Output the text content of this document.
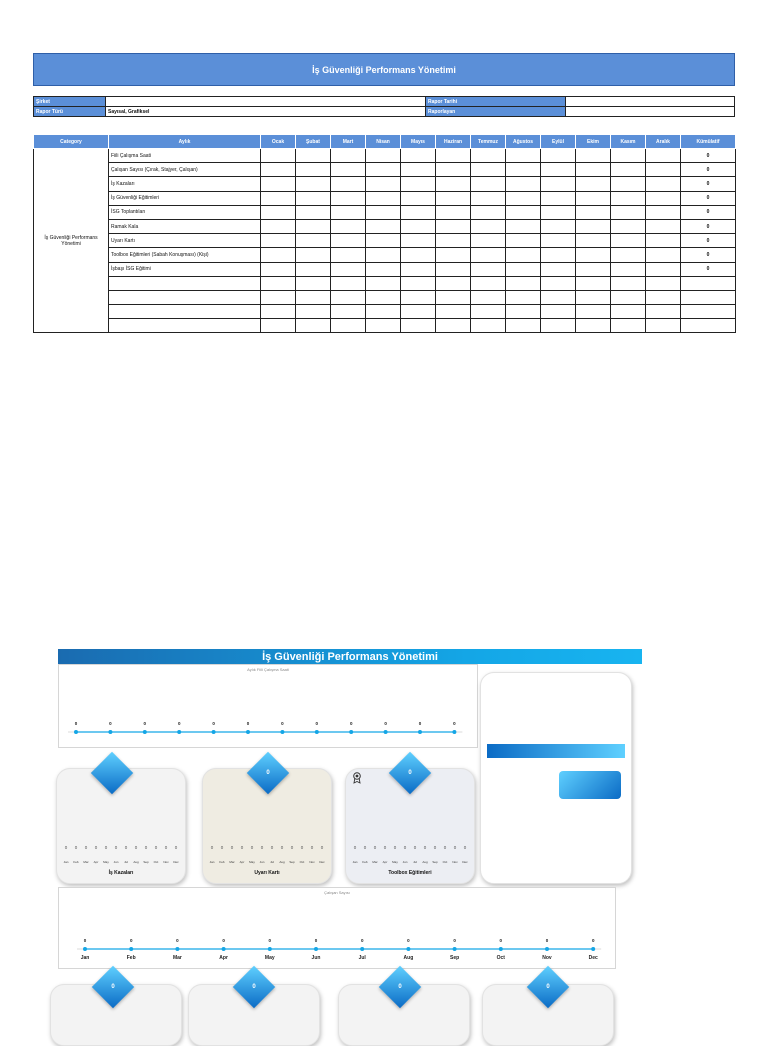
İş Güvenliği Performans Yönetimi
Şirket		Rapor Tarihi	
Rapor Türü	Sayısal, Grafiksel	Raporlayan	
Category	Aylık	Ocak	Şubat	Mart	Nisan	Mayıs	Haziran	Temmuz	Ağustos	Eylül	Ekim	Kasım	Aralık	Kümülatif
İş Güvenliği Performans Yönetimi	Fiili Çalışma Saati													0
	Çalışan Sayısı (Çırak, Stajyer, Çalışan)													0
	İş Kazaları													0
	İş Güvenliği Eğitimleri													0
	İSG Toplantıları													0
	Ramak Kala													0
	Uyarı Kartı													0
	Toolbox Eğitimleri (Sabah Konuşması) (Kişi)													0
	İşbaşı İSG Eğitimi													0

İş Güvenliği Performans Yönetimi
Aylık Fiili Çalışma Saati
0	0	0	0	0	0	0	0	0	0	0	0
0
Jan
0
Feb
0
Mar
0
Apr
0
May
0
Jun
0
Jul
0
Aug
0
Sep
0
Oct
0
Nov
0
Dec
İş Kazaları
0
Jan
0
Feb
0
Mar
0
Apr
0
May
0
Jun
0
Jul
0
Aug
0
Sep
0
Oct
0
Nov
0
Dec
Uyarı Kartı
0
0
Jan
0
Feb
0
Mar
0
Apr
0
May
0
Jun
0
Jul
0
Aug
0
Sep
0
Oct
0
Nov
0
Dec
Toolbox Eğitimleri
0
Çalışan Sayısı
0
Jan
0
Feb
0
Mar
0
Apr
0
May
0
Jun
0
Jul
0
Aug
0
Sep
0
Oct
0
Nov
0
Dec
0	0	0	0
